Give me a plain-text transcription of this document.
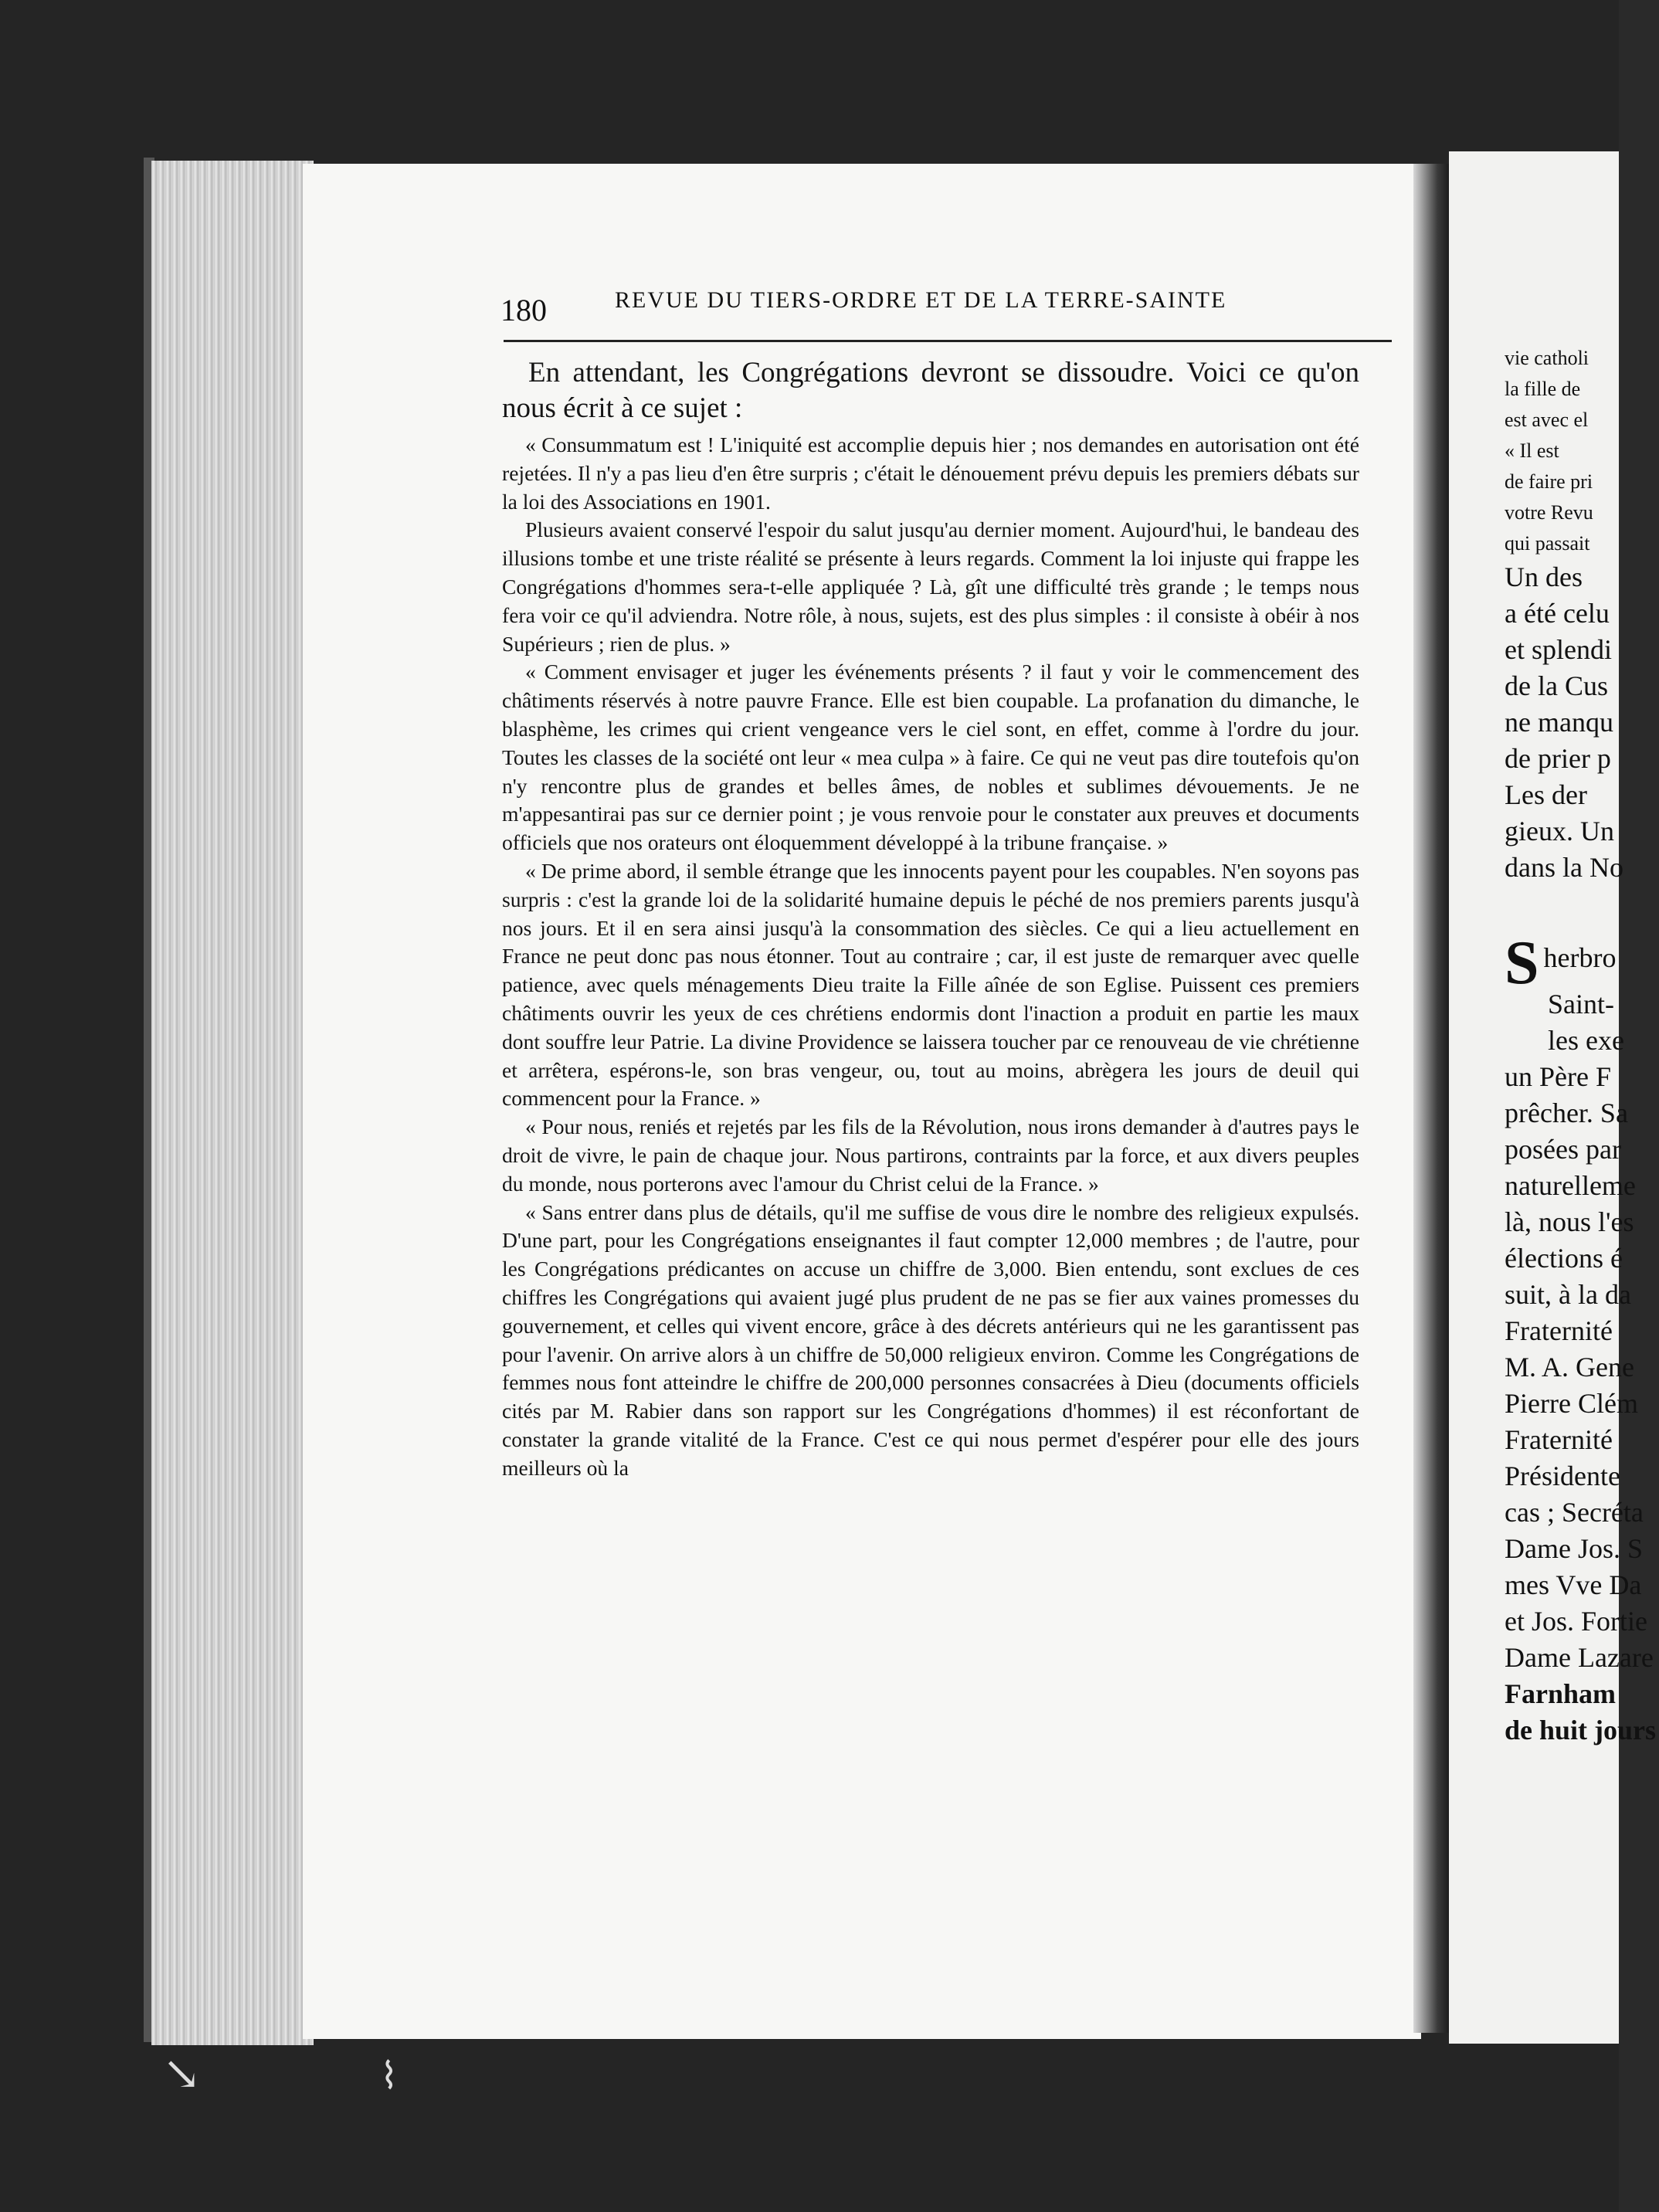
180	REVUE DU TIERS-ORDRE ET DE LA TERRE-SAINTE

En attendant, les Congrégations devront se dissoudre. Voici ce qu'on nous écrit à ce sujet :

« Consummatum est ! L'iniquité est accomplie depuis hier ; nos demandes en autorisation ont été rejetées. Il n'y a pas lieu d'en être surpris ; c'était le dénouement prévu depuis les premiers débats sur la loi des Associations en 1901.

Plusieurs avaient conservé l'espoir du salut jusqu'au dernier moment. Aujourd'hui, le bandeau des illusions tombe et une triste réalité se présente à leurs regards. Comment la loi injuste qui frappe les Congrégations d'hommes sera-t-elle appliquée ? Là, gît une difficulté très grande ; le temps nous fera voir ce qu'il adviendra. Notre rôle, à nous, sujets, est des plus simples : il consiste à obéir à nos Supérieurs ; rien de plus. »

« Comment envisager et juger les événements présents ? il faut y voir le commencement des châtiments réservés à notre pauvre France. Elle est bien coupable. La profanation du dimanche, le blasphème, les crimes qui crient vengeance vers le ciel sont, en effet, comme à l'ordre du jour. Toutes les classes de la société ont leur « mea culpa » à faire. Ce qui ne veut pas dire toutefois qu'on n'y rencontre plus de grandes et belles âmes, de nobles et sublimes dévouements. Je ne m'appesantirai pas sur ce dernier point ; je vous renvoie pour le constater aux preuves et documents officiels que nos orateurs ont éloquemment développé à la tribune française. »

« De prime abord, il semble étrange que les innocents payent pour les coupables. N'en soyons pas surpris : c'est la grande loi de la solidarité humaine depuis le péché de nos premiers parents jusqu'à nos jours. Et il en sera ainsi jusqu'à la consommation des siècles. Ce qui a lieu actuellement en France ne peut donc pas nous étonner. Tout au contraire ; car, il est juste de remarquer avec quelle patience, avec quels ménagements Dieu traite la Fille aînée de son Eglise. Puissent ces premiers châtiments ouvrir les yeux de ces chrétiens endormis dont l'inaction a produit en partie les maux dont souffre leur Patrie. La divine Providence se laissera toucher par ce renouveau de vie chrétienne et arrêtera, espérons-le, son bras vengeur, ou, tout au moins, abrègera les jours de deuil qui commencent pour la France. »

« Pour nous, reniés et rejetés par les fils de la Révolution, nous irons demander à d'autres pays le droit de vivre, le pain de chaque jour. Nous partirons, contraints par la force, et aux divers peuples du monde, nous porterons avec l'amour du Christ celui de la France. »

« Sans entrer dans plus de détails, qu'il me suffise de vous dire le nombre des religieux expulsés. D'une part, pour les Congrégations enseignantes il faut compter 12,000 membres ; de l'autre, pour les Congrégations prédicantes on accuse un chiffre de 3,000. Bien entendu, sont exclues de ces chiffres les Congrégations qui avaient jugé plus prudent de ne pas se fier aux vaines promesses du gouvernement, et celles qui vivent encore, grâce à des décrets antérieurs qui ne les garantissent pas pour l'avenir. On arrive alors à un chiffre de 50,000 religieux environ. Comme les Congrégations de femmes nous font atteindre le chiffre de 200,000 personnes consacrées à Dieu (documents officiels cités par M. Rabier dans son rapport sur les Congrégations d'hommes) il est réconfortant de constater la grande vitalité de la France. C'est ce qui nous permet d'espérer pour elle des jours meilleurs où la

vie catholi
la fille de
est avec el
« Il est
de faire pri
votre Revu
qui passait
Un des
a été celu
et splendi
de la Cus
ne manqu
de prier p
Les der
gieux. Un
dans la No
Sherbro
Saint-
les exe
un Père F
prêcher. Sa
posées par
naturelleme
là, nous l'es
élections é
suit, à la da
Fraternité
M. A. Gene
Pierre Clém
Fraternité
Présidente
cas ; Secréta
Dame Jos. S
mes Vve Da
et Jos. Fortie
Dame Lazare
Farnham
de huit jours
↘	⌇
